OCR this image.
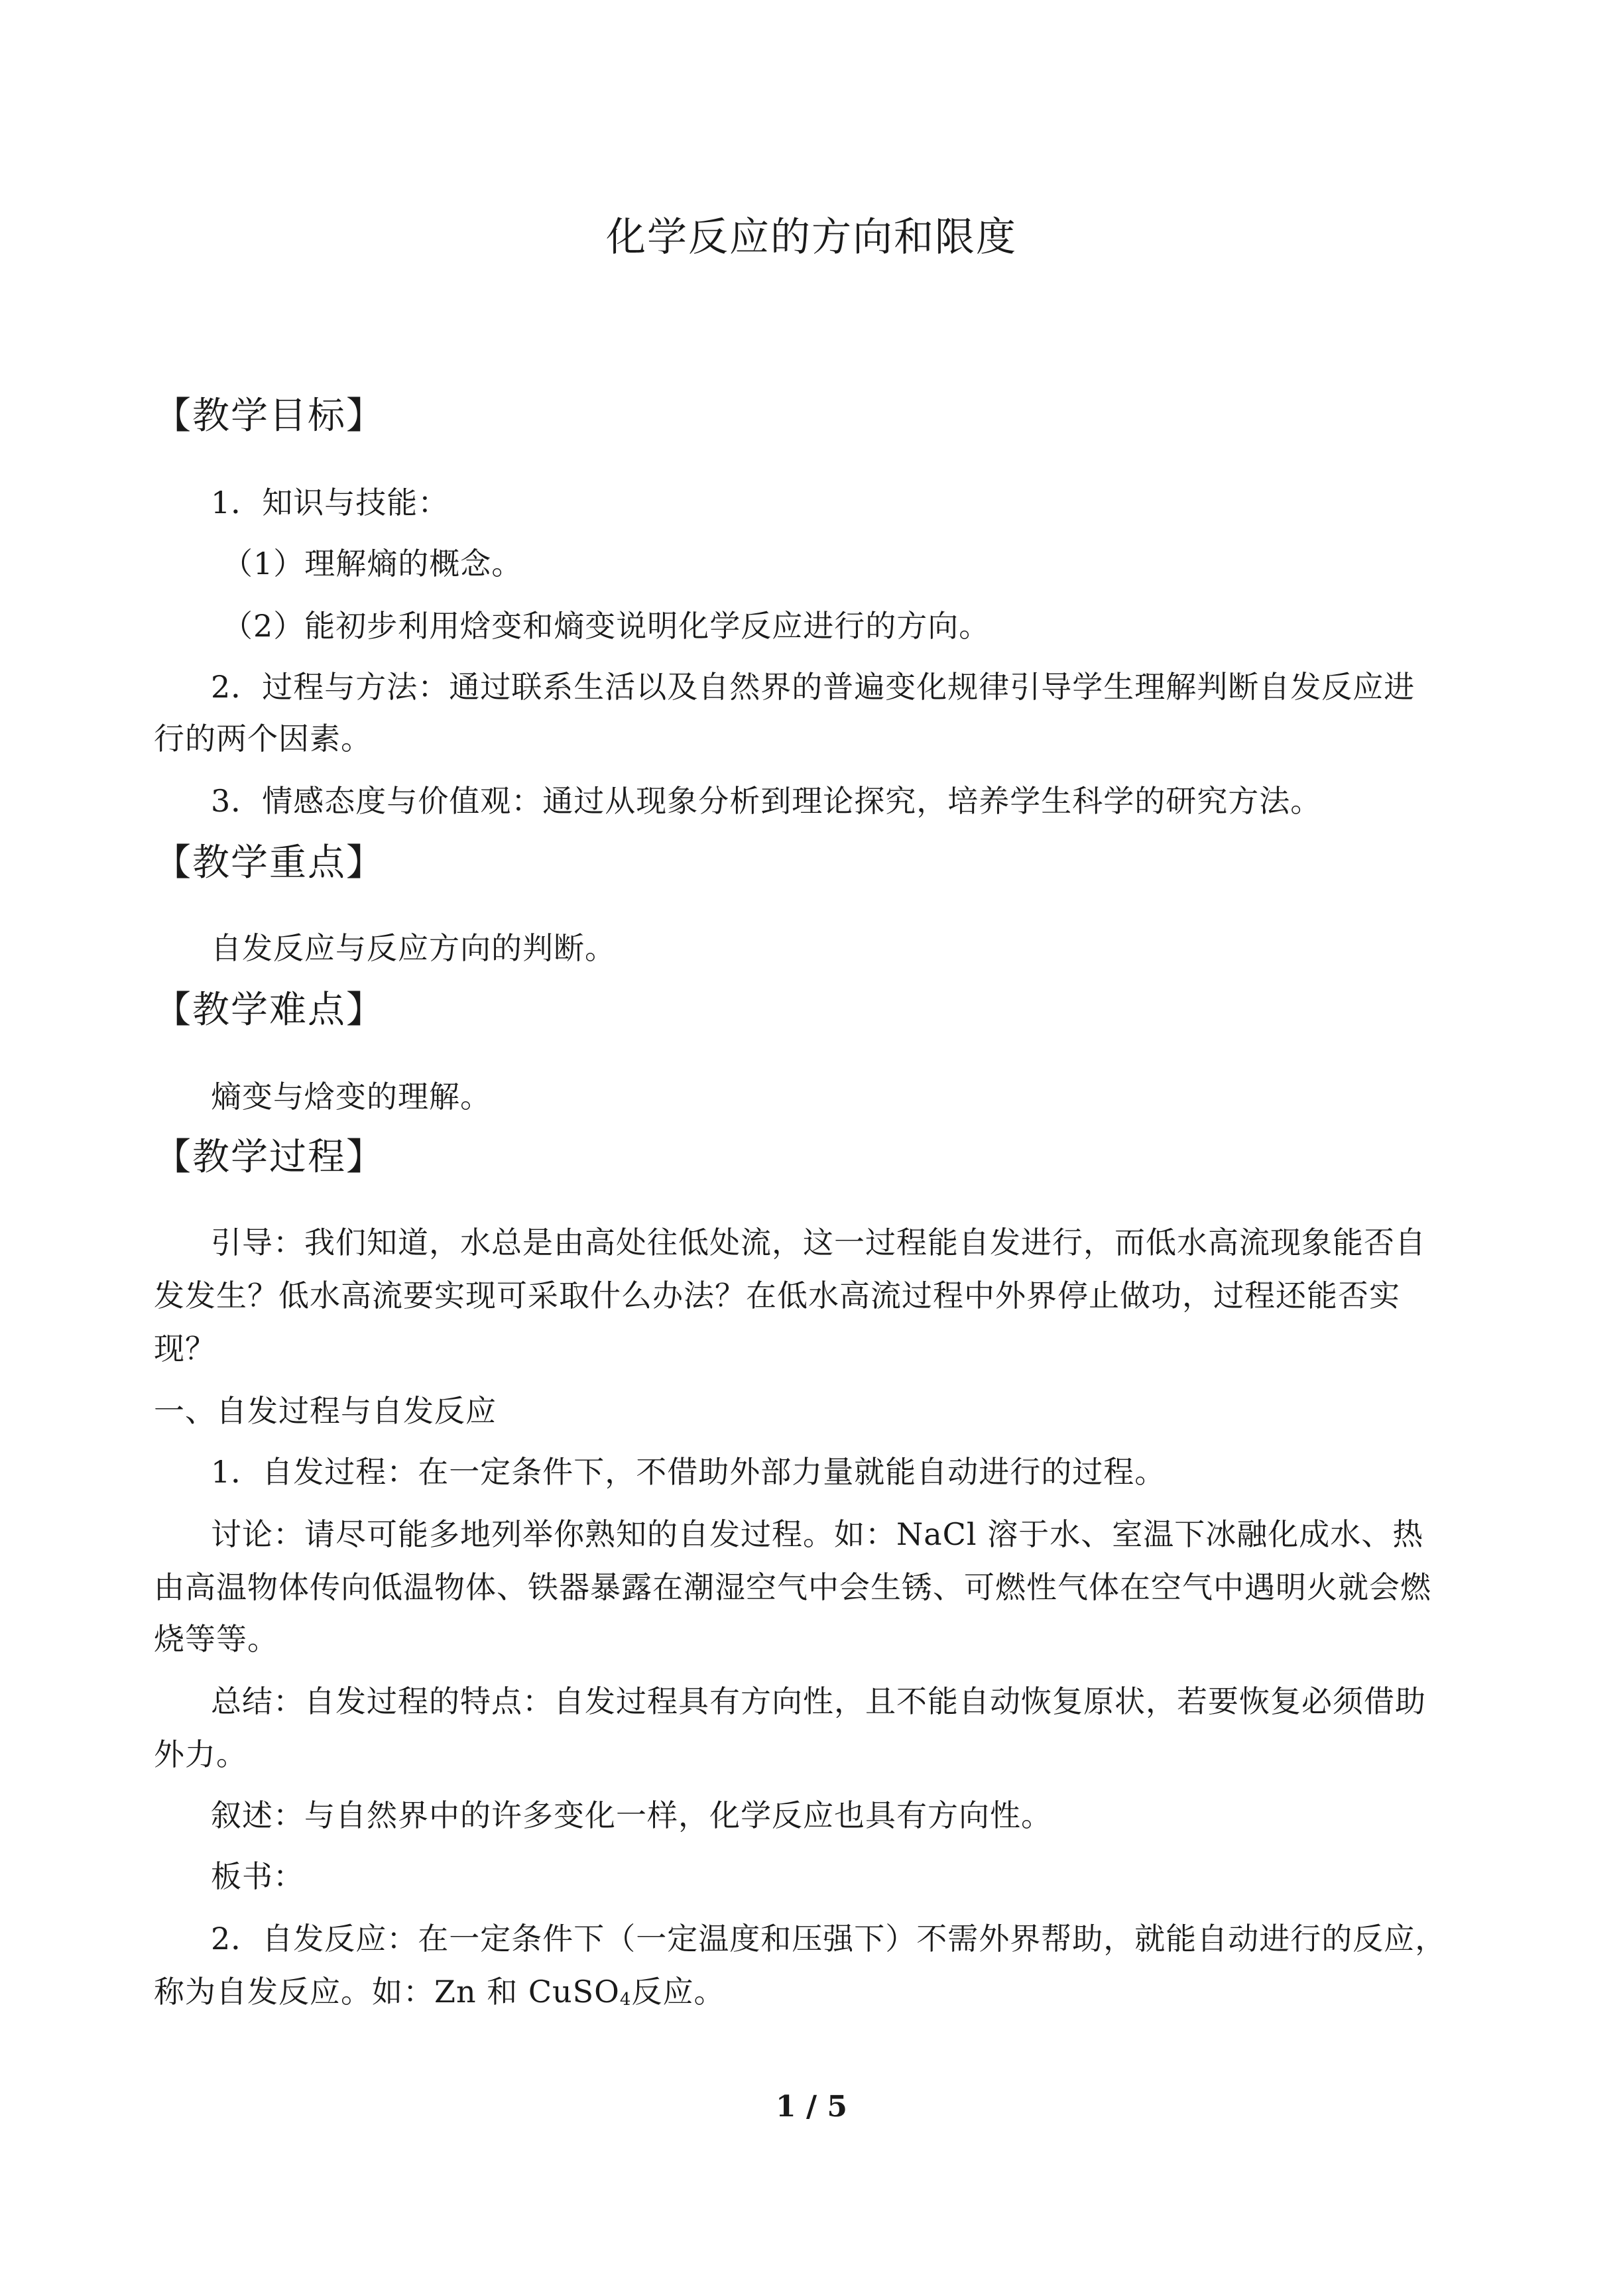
化学反应的方向和限度
【教学目标】
1．知识与技能：
（1）理解熵的概念。
（2）能初步利用焓变和熵变说明化学反应进行的方向。
2．过程与方法：通过联系生活以及自然界的普遍变化规律引导学生理解判断自发反应进
行的两个因素。
3．情感态度与价值观：通过从现象分析到理论探究，培养学生科学的研究方法。
【教学重点】
自发反应与反应方向的判断。
【教学难点】
熵变与焓变的理解。
【教学过程】
引导：我们知道，水总是由高处往低处流，这一过程能自发进行，而低水高流现象能否自
发发生？低水高流要实现可采取什么办法？在低水高流过程中外界停止做功，过程还能否实
现？
一、自发过程与自发反应
1．自发过程：在一定条件下，不借助外部力量就能自动进行的过程。
讨论：请尽可能多地列举你熟知的自发过程。如：NaCl 溶于水、室温下冰融化成水、热
由高温物体传向低温物体、铁器暴露在潮湿空气中会生锈、可燃性气体在空气中遇明火就会燃
烧等等。
总结：自发过程的特点：自发过程具有方向性，且不能自动恢复原状，若要恢复必须借助
外力。
叙述：与自然界中的许多变化一样，化学反应也具有方向性。
板书：
2．自发反应：在一定条件下（一定温度和压强下）不需外界帮助，就能自动进行的反应，
称为自发反应。如：Zn 和 CuSO$_4$反应。
1 / 5
